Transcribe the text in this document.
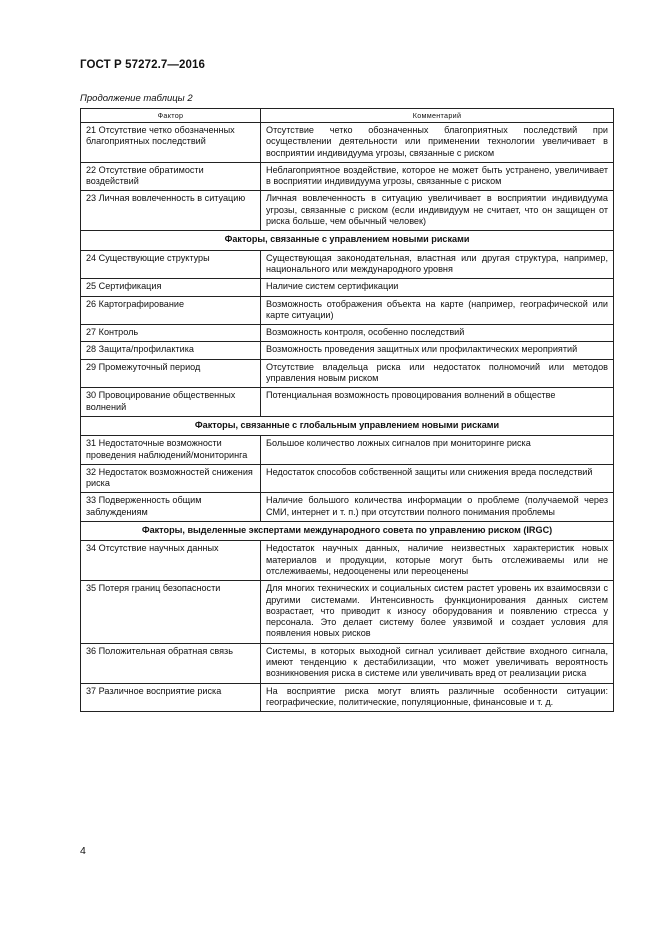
ГОСТ Р 57272.7—2016
Продолжение таблицы 2
Фактор	Комментарий
21 Отсутствие четко обозначенных благоприятных последствий	Отсутствие четко обозначенных благоприятных последствий при осуществлении деятельности или применении технологии увеличивает в восприятии индивидуума угрозы, связанные с риском
22 Отсутствие обратимости воздействий	Неблагоприятное воздействие, которое не может быть устранено, увеличивает в восприятии индивидуума угрозы, связанные с риском
23 Личная вовлеченность в ситуацию	Личная вовлеченность в ситуацию увеличивает в восприятии индивидуума угрозы, связанные с риском (если индивидуум не считает, что он защищен от риска больше, чем обычный человек)
Факторы, связанные с управлением новыми рисками	
24 Существующие структуры	Существующая законодательная, властная или другая структура, например, национального или международного уровня
25 Сертификация	Наличие систем сертификации
26 Картографирование	Возможность отображения объекта на карте (например, географической или карте ситуации)
27 Контроль	Возможность контроля, особенно последствий
28 Защита/профилактика	Возможность проведения защитных или профилактических мероприятий
29 Промежуточный период	Отсутствие владельца риска или недостаток полномочий или методов управления новым риском
30 Провоцирование общественных волнений	Потенциальная возможность провоцирования волнений в обществе
Факторы, связанные с глобальным управлением новыми рисками	
31 Недостаточные возможности проведения наблюдений/мониторинга	Большое количество ложных сигналов при мониторинге риска
32 Недостаток возможностей снижения риска	Недостаток способов собственной защиты или снижения вреда последствий
33 Подверженность общим заблуждениям	Наличие большого количества информации о проблеме (получаемой через СМИ, интернет и т. п.) при отсутствии полного понимания проблемы
Факторы, выделенные экспертами международного совета по управлению риском (IRGC)	
34 Отсутствие научных данных	Недостаток научных данных, наличие неизвестных характеристик новых материалов и продукции, которые могут быть отслеживаемы или не отслеживаемы, недооценены или переоценены
35 Потеря границ безопасности	Для многих технических и социальных систем растет уровень их взаимосвязи с другими системами. Интенсивность функционирования данных систем возрастает, что приводит к износу оборудования и появлению стресса у персонала. Это делает систему более уязвимой и создает условия для появления новых рисков
36 Положительная обратная связь	Системы, в которых выходной сигнал усиливает действие входного сигнала, имеют тенденцию к дестабилизации, что может увеличивать вероятность возникновения риска в системе или увеличивать вред от реализации риска
37 Различное восприятие риска	На восприятие риска могут влиять различные особенности ситуации: географические, политические, популяционные, финансовые и т. д.
4
